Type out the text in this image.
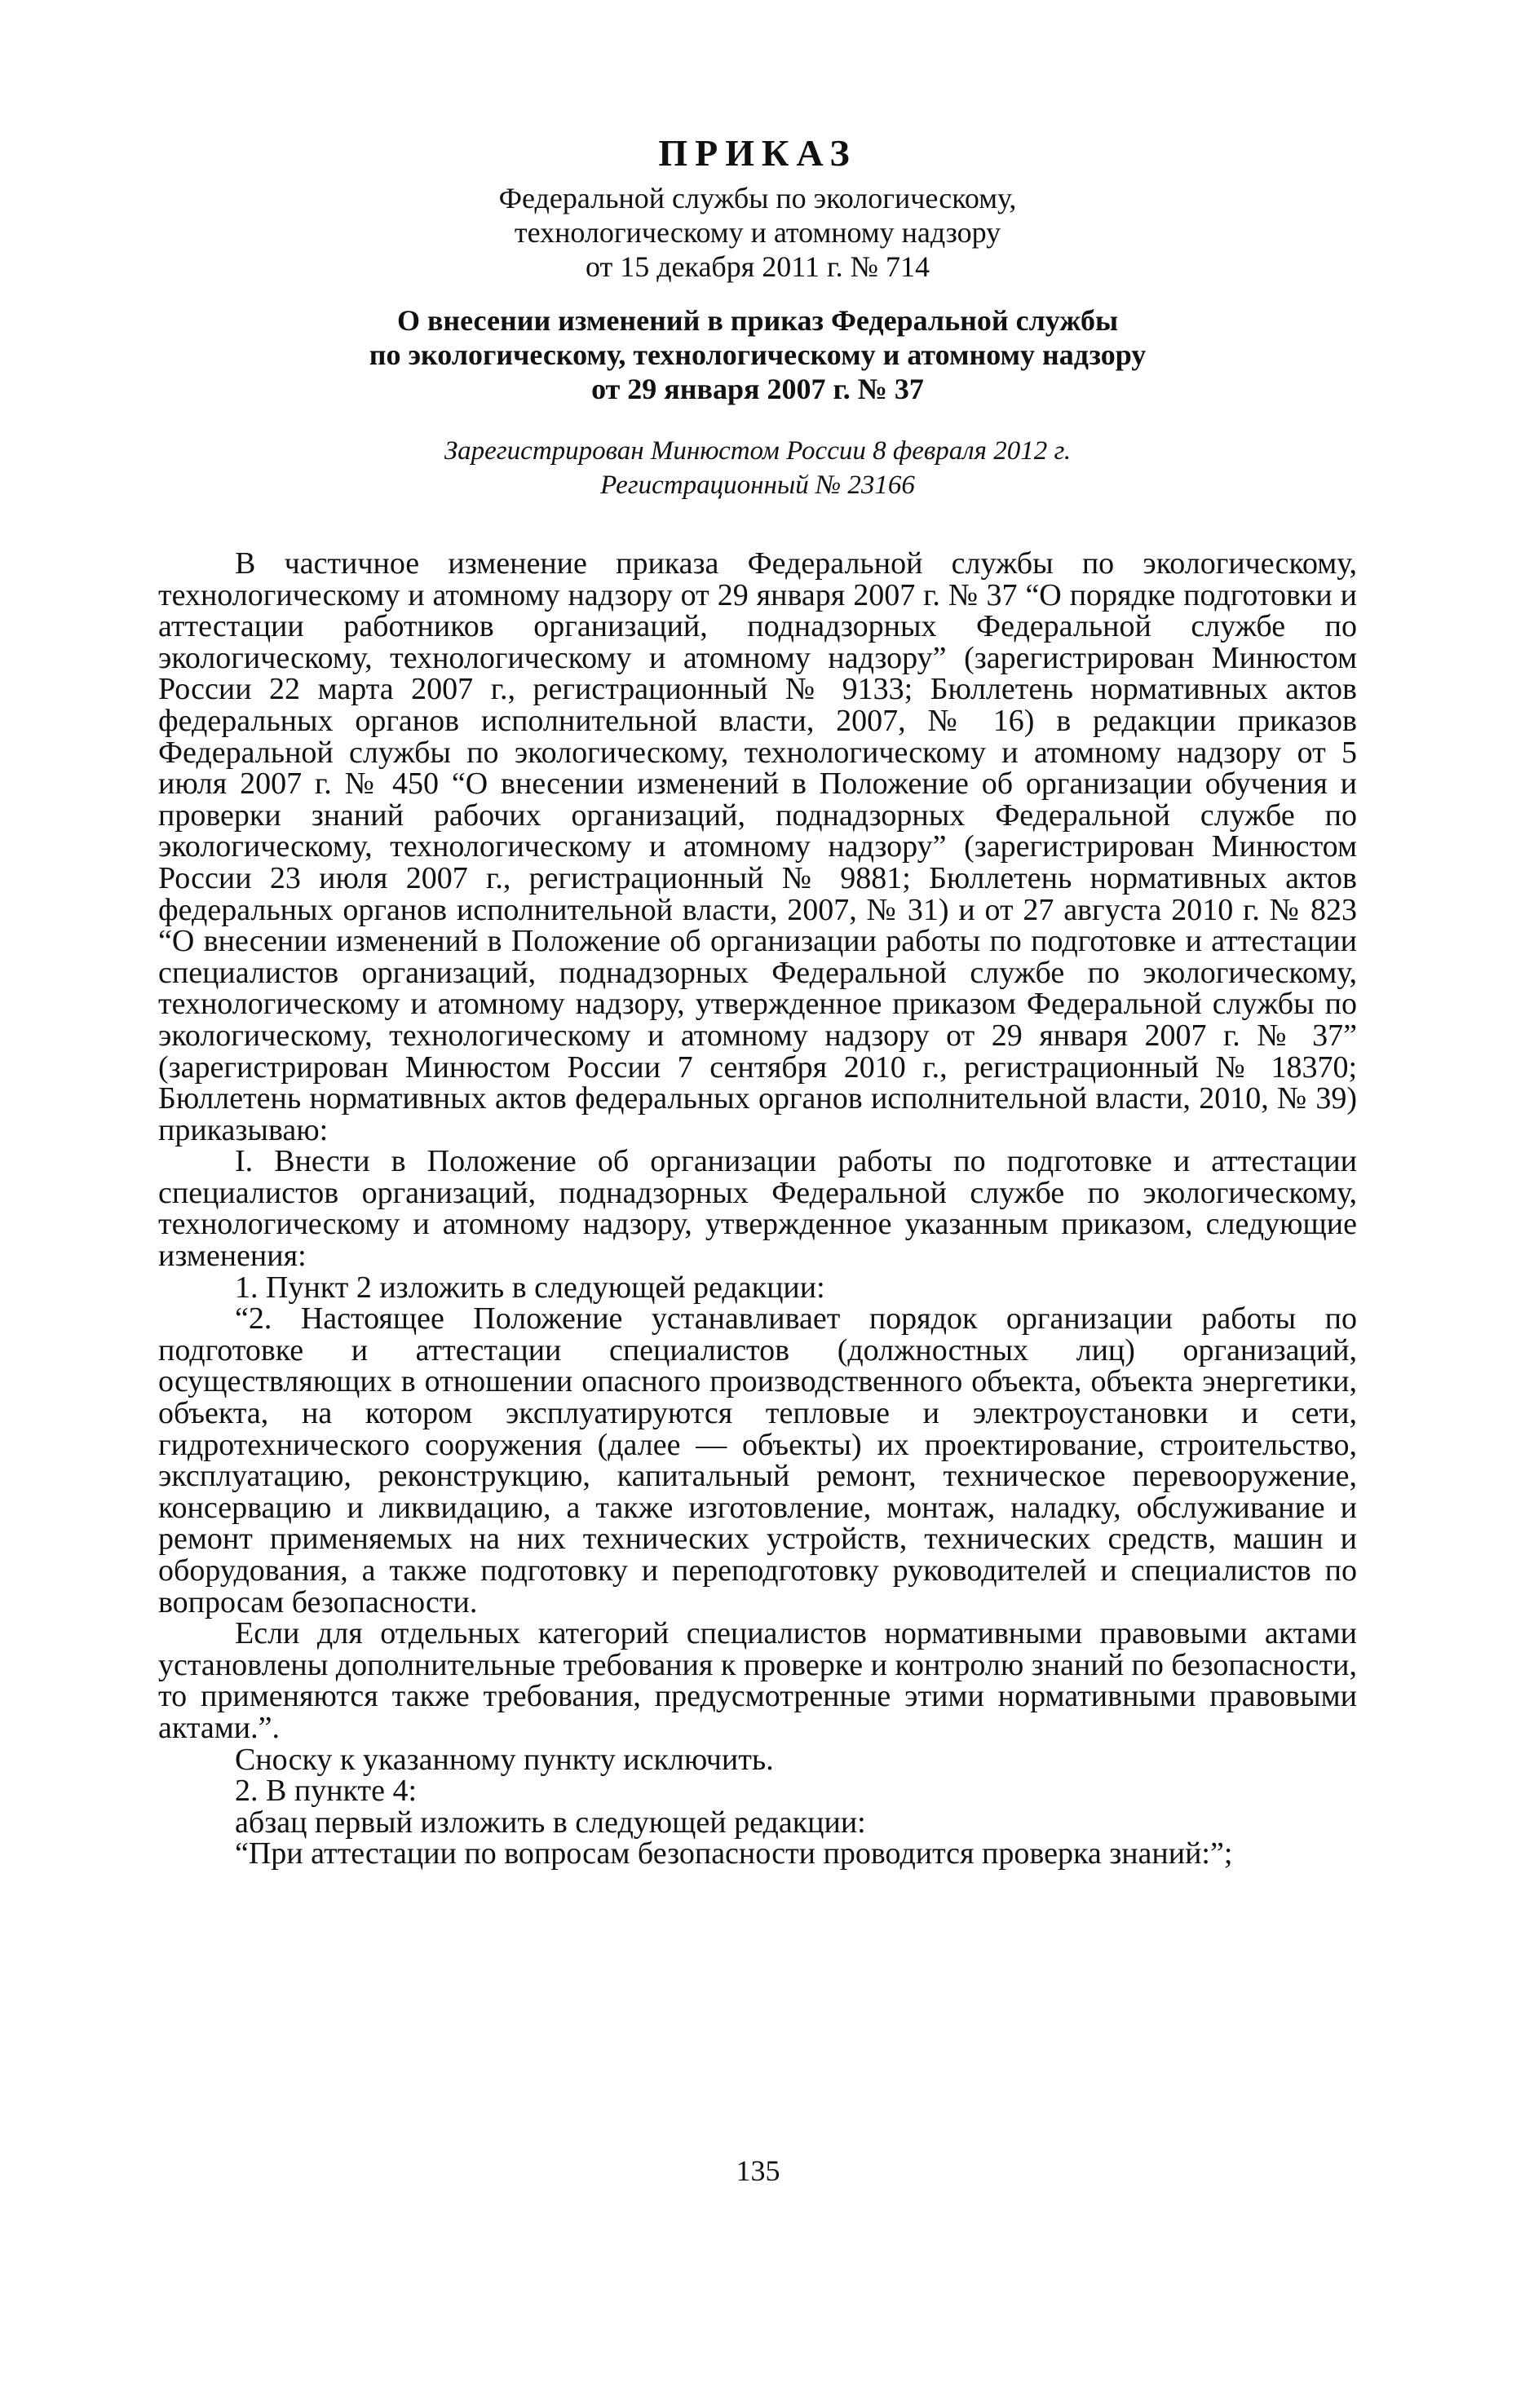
ПРИКАЗ

Федеральной службы по экологическому,

технологическому и атомному надзору

от 15 декабря 2011 г. № 714

О внесении изменений в приказ Федеральной службы
по экологическому, технологическому и атомному надзору
от 29 января 2007 г. № 37
Зарегистрирован Минюстом России 8 февраля 2012 г.
Регистрационный № 23166

В частичное изменение приказа Федеральной службы по экологическому, технологическому и атомному надзору от 29 января 2007 г. № 37 “О порядке подготовки и аттестации работников организаций, поднадзорных Федеральной службе по экологическому, технологическому и атомному надзору” (зарегистрирован Минюстом России 22 марта 2007 г., регистрационный № 9133; Бюллетень нормативных актов федеральных органов исполнительной власти, 2007, № 16) в редакции приказов Федеральной службы по экологическому, технологическому и атомному надзору от 5 июля 2007 г. № 450 “О внесении изменений в Положение об организации обучения и проверки знаний рабочих организаций, поднадзорных Федеральной службе по экологическому, технологическому и атомному надзору” (зарегистрирован Минюстом России 23 июля 2007 г., регистрационный № 9881; Бюллетень нормативных актов федеральных органов исполнительной власти, 2007, № 31) и от 27 августа 2010 г. № 823 “О внесении изменений в Положение об организации работы по подготовке и аттестации специалистов организаций, поднадзорных Федеральной службе по экологическому, технологическому и атомному надзору, утвержденное приказом Федеральной службы по экологическому, технологическому и атомному надзору от 29 января 2007 г. № 37” (зарегистрирован Минюстом России 7 сентября 2010 г., регистрационный № 18370; Бюллетень нормативных актов федеральных органов исполнительной власти, 2010, № 39) приказываю:

I. Внести в Положение об организации работы по подготовке и аттестации специалистов организаций, поднадзорных Федеральной службе по экологическому, технологическому и атомному надзору, утвержденное указанным приказом, следующие изменения:

1. Пункт 2 изложить в следующей редакции:

“2. Настоящее Положение устанавливает порядок организации работы по подготовке и аттестации специалистов (должностных лиц) организаций, осуществляющих в отношении опасного производственного объекта, объекта энергетики, объекта, на котором эксплуатируются тепловые и электроустановки и сети, гидротехнического сооружения (далее — объекты) их проектирование, строительство, эксплуатацию, реконструкцию, капитальный ремонт, техническое перевооружение, консервацию и ликвидацию, а также изготовление, монтаж, наладку, обслуживание и ремонт применяемых на них технических устройств, технических средств, машин и оборудования, а также подготовку и переподготовку руководителей и специалистов по вопросам безопасности.

Если для отдельных категорий специалистов нормативными правовыми актами установлены дополнительные требования к проверке и контролю знаний по безопасности, то применяются также требования, предусмотренные этими нормативными правовыми актами.”.

Сноску к указанному пункту исключить.

2. В пункте 4:

абзац первый изложить в следующей редакции:

“При аттестации по вопросам безопасности проводится проверка знаний:”;

135
